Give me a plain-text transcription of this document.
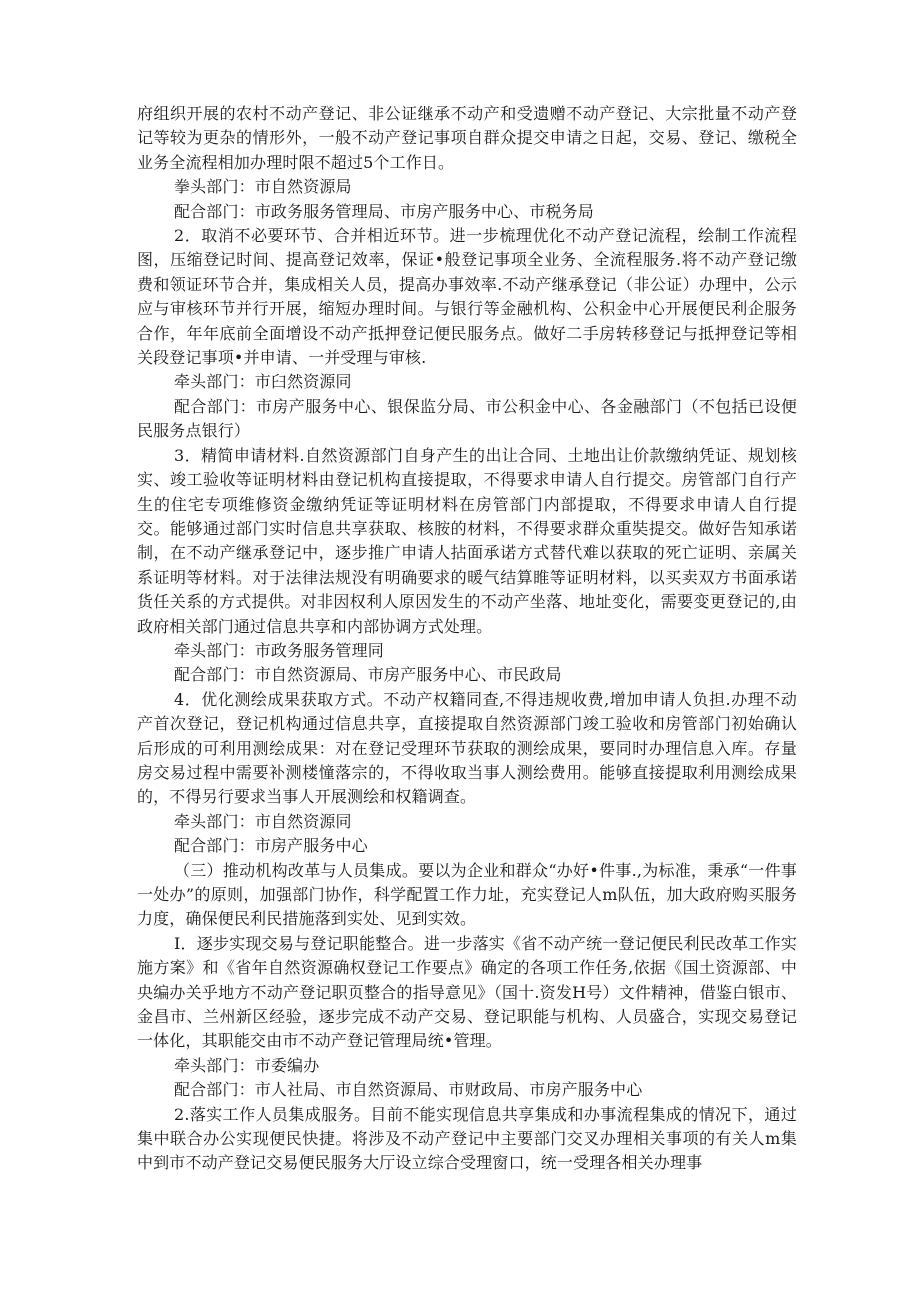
府组织开展的农村不动产登记、非公证继承不动产和受遗赠不动产登记、大宗批量不动产登记等较为更杂的情形外，一般不动产登记事项自群众提交申请之日起，交易、登记、缴税全业务全流程相加办理时限不超过5个工作日。

拳头部门：市自然资源局

配合部门：市政务服务管理局、市房产服务中心、市税务局

2．取消不必要环节、合并相近环节。进一步梳理优化不动产登记流程，绘制工作流程图，压缩登记时间、提高登记效率，保证•般登记事项全业务、全流程服务.将不动产登记缴费和领证环节合并，集成相关人员，提高办事效率.不动产继承登记（非公证）办理中，公示应与审核环节并行开展，缩短办理时间。与银行等金融机构、公积金中心开展便民利企服务合作，年年底前全面增设不动产抵押登记便民服务点。做好二手房转移登记与抵押登记等相关段登记事项•并申请、一并受理与审核.

牵头部门：市臼然资源同

配合部门：市房产服务中心、银保监分局、市公积金中心、各金融部门（不包括已设便民服务点银行）

3．精简申请材料.自然资源部门自身产生的出让合同、土地出让价款缴纳凭证、规划核实、竣工验收等证明材料由登记机构直接提取，不得要求申请人自行提交。房管部门自行产生的住宅专项维修资金缴纳凭证等证明材料在房管部门内部提取，不得要求申请人自行提交。能够通过部门实时信息共享获取、核胺的材料，不得要求群众重奘提交。做好告知承诺制，在不动产继承登记中，逐步推广申请人拈面承诺方式替代难以获取的死亡证明、亲属关系证明等材料。对于法律法规没有明确要求的暖气结算睢等证明材料，以买卖双方书面承诺货任关系的方式提供。对非因权利人原因发生的不动产坐落、地址变化，需要变更登记的,由政府相关部门通过信息共享和内部协调方式处理。

牵头部门：市政务服务管理同

配合部门：市自然资源局、市房产服务中心、市民政局

4．优化测绘成果获取方式。不动产权籍同查,不得违规收费,增加申请人负担.办理不动产首次登记，登记机构通过信息共享，直接提取自然资源部门竣工验收和房管部门初始确认后形成的可利用测绘成果：对在登记受理环节获取的测绘成果，要同时办理信息入库。存量房交易过程中需要补测楼憧落宗的，不得收取当事人测绘费用。能够直接提取利用测绘成果的，不得另行要求当事人开展测绘和权籍调查。

牵头部门：市自然资源同

配合部门：市房产服务中心

（三）推动机构改革与人员集成。要以为企业和群众“办好•件事.,为标准，秉承“一件事一处办”的原则，加强部门协作，科学配置工作力址，充实登记人m队伍，加大政府购买服务力度，确保便民利民措施落到实处、见到实效。

I．逐步实现交易与登记职能整合。进一步落实《省不动产统一登记便民利民改革工作实施方案》和《省年自然资源确权登记工作要点》确定的各项工作任务,依据《国土资源部、中央编办关乎地方不动产登记职页整合的指导意见》（国十.资发H号）文件精神，借鉴白银市、金昌市、兰州新区经验，逐步完成不动产交易、登记职能与机构、人员盛合，实现交易登记一体化，其职能交由市不动产登记管理局统•管理。

牵头部门：市委编办

配合部门：市人社局、市自然资源局、市财政局、市房产服务中心

2.落实工作人员集成服务。目前不能实现信息共享集成和办事流程集成的情况下，通过集中联合办公实现便民快捷。将涉及不动产登记中主要部门交叉办理相关事项的有关人m集中到市不动产登记交易便民服务大厅设立综合受理窗口，统一受理各相关办理事
